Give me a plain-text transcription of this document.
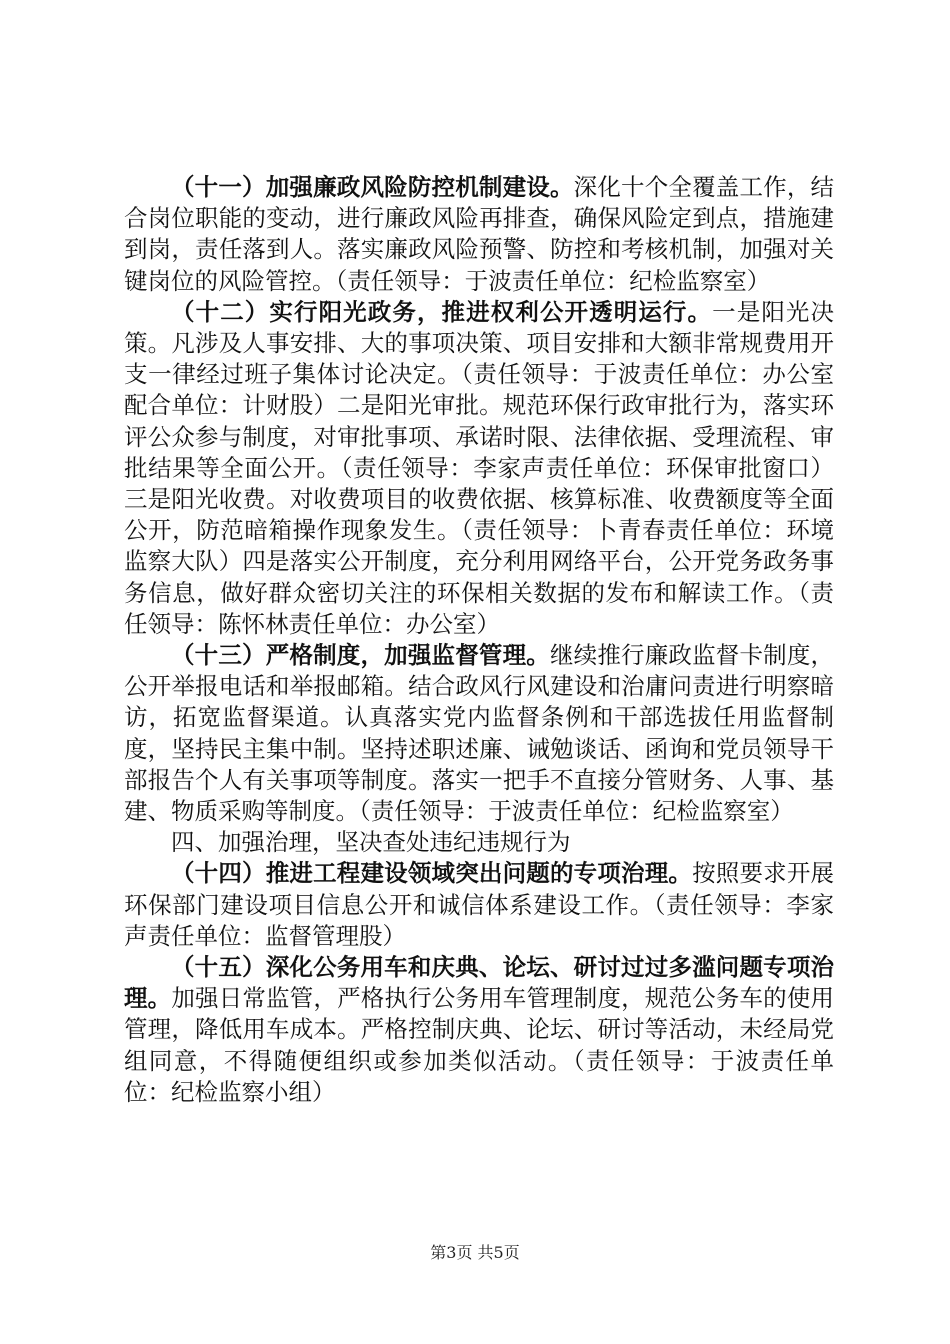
（十一）加强廉政风险防控机制建设。深化十个全覆盖工作，结合岗位职能的变动，进行廉政风险再排查，确保风险定到点，措施建到岗，责任落到人。落实廉政风险预警、防控和考核机制，加强对关键岗位的风险管控。（责任领导：于波责任单位：纪检监察室）

（十二）实行阳光政务，推进权利公开透明运行。一是阳光决策。凡涉及人事安排、大的事项决策、项目安排和大额非常规费用开支一律经过班子集体讨论决定。（责任领导：于波责任单位：办公室配合单位：计财股）二是阳光审批。规范环保行政审批行为，落实环评公众参与制度，对审批事项、承诺时限、法律依据、受理流程、审批结果等全面公开。（责任领导：李家声责任单位：环保审批窗口）三是阳光收费。对收费项目的收费依据、核算标准、收费额度等全面公开，防范暗箱操作现象发生。（责任领导：卜青春责任单位：环境监察大队）四是落实公开制度，充分利用网络平台，公开党务政务事务信息，做好群众密切关注的环保相关数据的发布和解读工作。（责任领导：陈怀林责任单位：办公室）

（十三）严格制度，加强监督管理。继续推行廉政监督卡制度，公开举报电话和举报邮箱。结合政风行风建设和治庸问责进行明察暗访，拓宽监督渠道。认真落实党内监督条例和干部选拔任用监督制度，坚持民主集中制。坚持述职述廉、诫勉谈话、函询和党员领导干部报告个人有关事项等制度。落实一把手不直接分管财务、人事、基建、物质采购等制度。（责任领导：于波责任单位：纪检监察室）

四、加强治理，坚决查处违纪违规行为

（十四）推进工程建设领域突出问题的专项治理。按照要求开展环保部门建设项目信息公开和诚信体系建设工作。（责任领导：李家声责任单位：监督管理股）

（十五）深化公务用车和庆典、论坛、研讨过过多滥问题专项治理。加强日常监管，严格执行公务用车管理制度，规范公务车的使用管理，降低用车成本。严格控制庆典、论坛、研讨等活动，未经局党组同意，不得随便组织或参加类似活动。（责任领导：于波责任单位：纪检监察小组）

第3页 共5页
